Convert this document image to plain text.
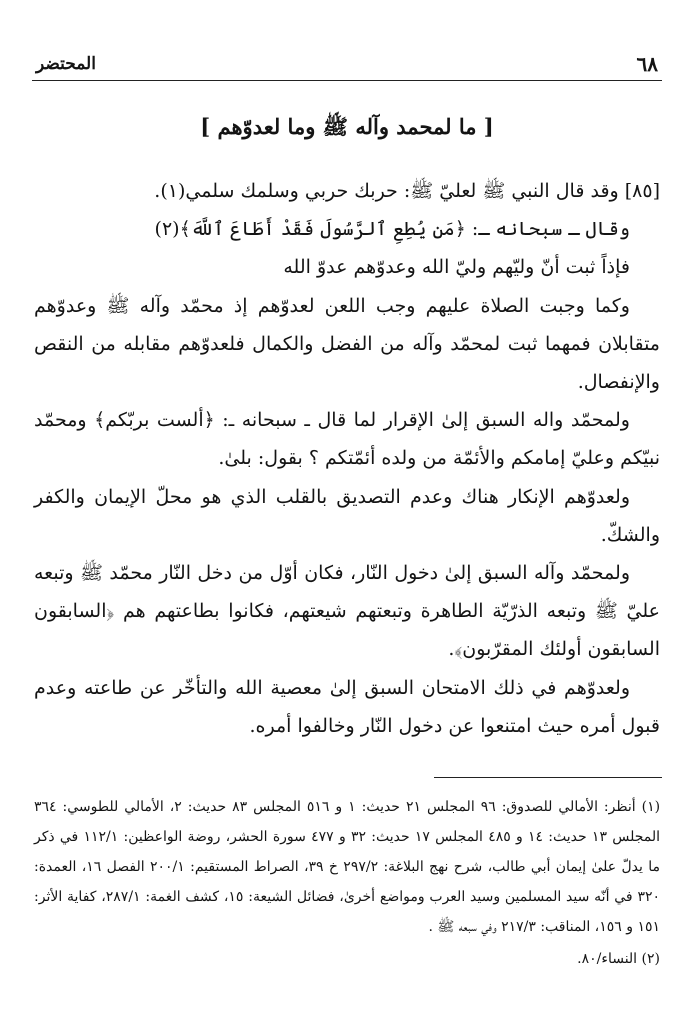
٦٨
المحتضر
[ ما لمحمد وآله ﷺ وما لعدوّهم ]

[٨٥] وقد قال النبي ﷺ لعليّ ﷺ: حربك حربي وسلمك سلمي(١).

وقال ـ سبحانه ـ: ﴿مَن يُطِعِ ٱلرَّسُولَ فَقَدْ أَطَاعَ ٱللَّهَ﴾(٢)

فإذاً ثبت أنّ وليّهم وليّ الله وعدوّهم عدوّ الله

وكما وجبت الصلاة عليهم وجب اللعن لعدوّهم إذ محمّد وآله ﷺ وعدوّهم متقابلان فمهما ثبت لمحمّد وآله من الفضل والكمال فلعدوّهم مقابله من النقص والإنفصال.

ولمحمّد واله السبق إلىٰ الإقرار لما قال ـ سبحانه ـ: ﴿ألست بربّكم﴾ ومحمّد نبيّكم وعليّ إمامكم والأئمّة من ولده أئمّتكم ؟ بقول: بلىٰ.

ولعدوّهم الإنكار هناك وعدم التصديق بالقلب الذي هو محلّ الإيمان والكفر والشكّ.

ولمحمّد وآله السبق إلىٰ دخول النّار، فكان أوّل من دخل النّار محمّد ﷺ وتبعه عليّ ﷺ وتبعه الذرّيّة الطاهرة وتبعتهم شيعتهم، فكانوا بطاعتهم هم ﴿السابقون السابقون أولئك المقرّبون﴾.

ولعدوّهم في ذلك الامتحان السبق إلىٰ معصية الله والتأخّر عن طاعته وعدم قبول أمره حيث امتنعوا عن دخول النّار وخالفوا أمره.

(١) أنظر: الأمالي للصدوق: ٩٦ المجلس ٢١ حديث: ١ و ٥١٦ المجلس ٨٣ حديث: ٢، الأمالي للطوسي: ٣٦٤ المجلس ١٣ حديث: ١٤ و ٤٨٥ المجلس ١٧ حديث: ٣٢ و ٤٧٧ سورة الحشر، روضة الواعظين: ١١٢/١ في ذكر ما يدلّ علىٰ إيمان أبي طالب، شرح نهج البلاغة: ٢٩٧/٢ خ ٣٩، الصراط المستقيم: ٢٠٠/١ الفصل ١٦، العمدة: ٣٢٠ في أنّه سيد المسلمين وسيد العرب ومواضع أخرىٰ، فضائل الشيعة: ١٥، كشف الغمة: ٢٨٧/١، كفاية الأثر: ١٥١ و ١٥٦، المناقب: ٢١٧/٣ وفي سبعه ﷺ .

(٢) النساء/٨٠.
